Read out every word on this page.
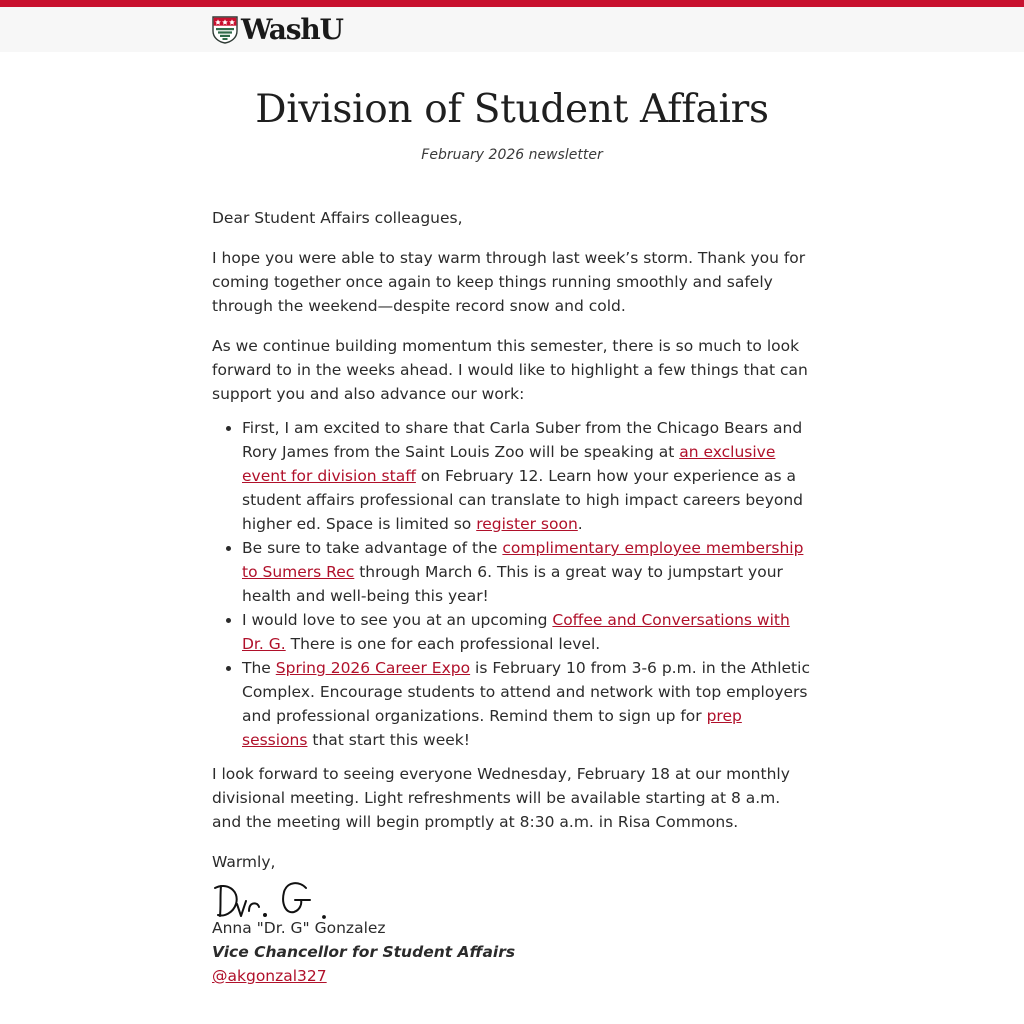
WashU
Division of Student Affairs
February 2026 newsletter

Dear Student Affairs colleagues,

I hope you were able to stay warm through last week’s storm. Thank you for coming together once again to keep things running smoothly and safely through the weekend—despite record snow and cold.

As we continue building momentum this semester, there is so much to look forward to in the weeks ahead. I would like to highlight a few things that can support you and also advance our work:

• First, I am excited to share that Carla Suber from the Chicago Bears and Rory James from the Saint Louis Zoo will be speaking at an exclusive event for division staff on February 12. Learn how your experience as a student affairs professional can translate to high impact careers beyond higher ed. Space is limited so register soon.
• Be sure to take advantage of the complimentary employee membership to Sumers Rec through March 6. This is a great way to jumpstart your health and well-being this year!
• I would love to see you at an upcoming Coffee and Conversations with Dr. G. There is one for each professional level.
• The Spring 2026 Career Expo is February 10 from 3-6 p.m. in the Athletic Complex. Encourage students to attend and network with top employers and professional organizations. Remind them to sign up for prep sessions that start this week!

I look forward to seeing everyone Wednesday, February 18 at our monthly divisional meeting. Light refreshments will be available starting at 8 a.m. and the meeting will begin promptly at 8:30 a.m. in Risa Commons.

Warmly,

Anna "Dr. G" Gonzalez
Vice Chancellor for Student Affairs
@akgonzal327
